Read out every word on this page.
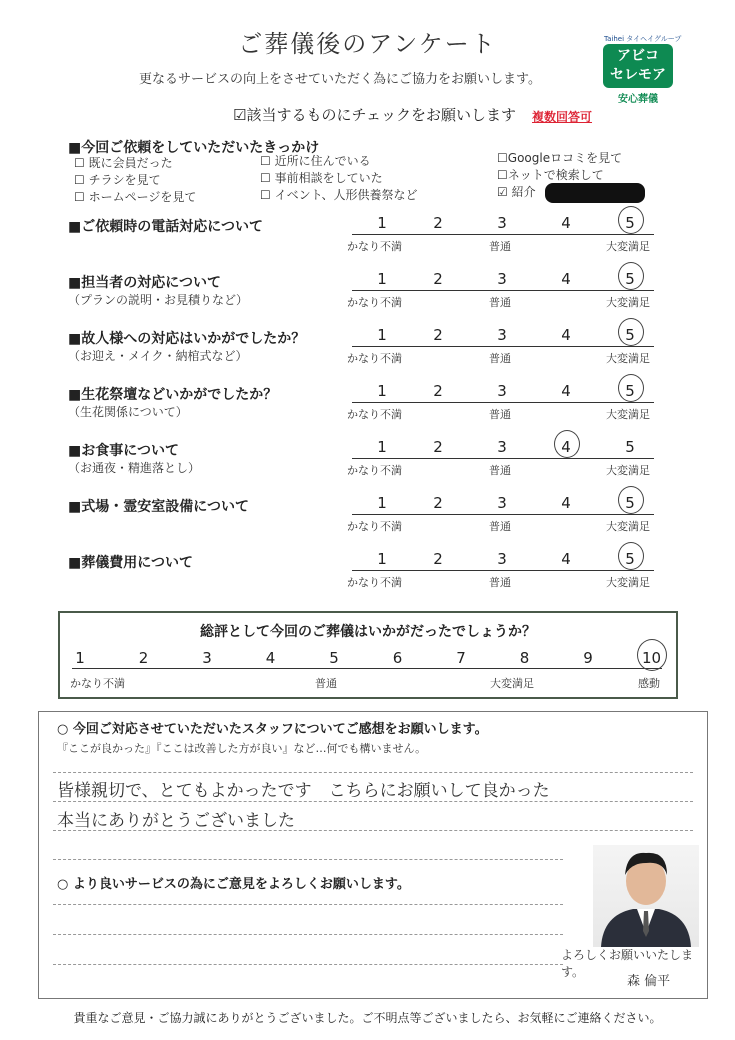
ご葬儀後のアンケート
更なるサービスの向上をさせていただく為にご協力をお願いします。
Taihei タイヘイグループ
アビコ
セレモア
安心葬儀
☑該当するものにチェックをお願いします 複数回答可
■今回ご依頼をしていただいたきっかけ
☐ 既に会員だった
☐ チラシを見て
☐ ホームページを見て
☐ 近所に住んでいる
☐ 事前相談をしていた
☐ イベント、人形供養祭など
☐Googleロコミを見て
☐ネットで検索して
☑ 紹介
■ご依頼時の電話対応について	1	2	3	4	5
かなり不満	普通	大変満足
■担当者の対応について
（プランの説明・お見積りなど）
1	2	3	4	5
かなり不満	普通	大変満足
■故人様への対応はいかがでしたか？
（お迎え・メイク・納棺式など）
1	2	3	4	5
かなり不満	普通	大変満足
■生花祭壇などいかがでしたか？
（生花関係について）
1	2	3	4	5
かなり不満	普通	大変満足
■お食事について
（お通夜・精進落とし）
1	2	3	4	5
かなり不満	普通	大変満足
■式場・霊安室設備について	1	2	3	4	5
かなり不満	普通	大変満足
■葬儀費用について	1	2	3	4	5
かなり不満	普通	大変満足
総評として今回のご葬儀はいかがだったでしょうか？
かなり不満	普通	大変満足	感動
1	2	3	4	5	6	7	8	9	10
○ 今回ご対応させていただいたスタッフについてご感想をお願いします。
『ここが良かった』『ここは改善した方が良い』など…何でも構いません。
皆様親切で、とてもよかったです　こちらにお願いして良かった
本当にありがとうございました
○ より良いサービスの為にご意見をよろしくお願いします。
よろしくお願いいたします。
森 倫平
貴重なご意見・ご協力誠にありがとうございました。ご不明点等ございましたら、お気軽にご連絡ください。
